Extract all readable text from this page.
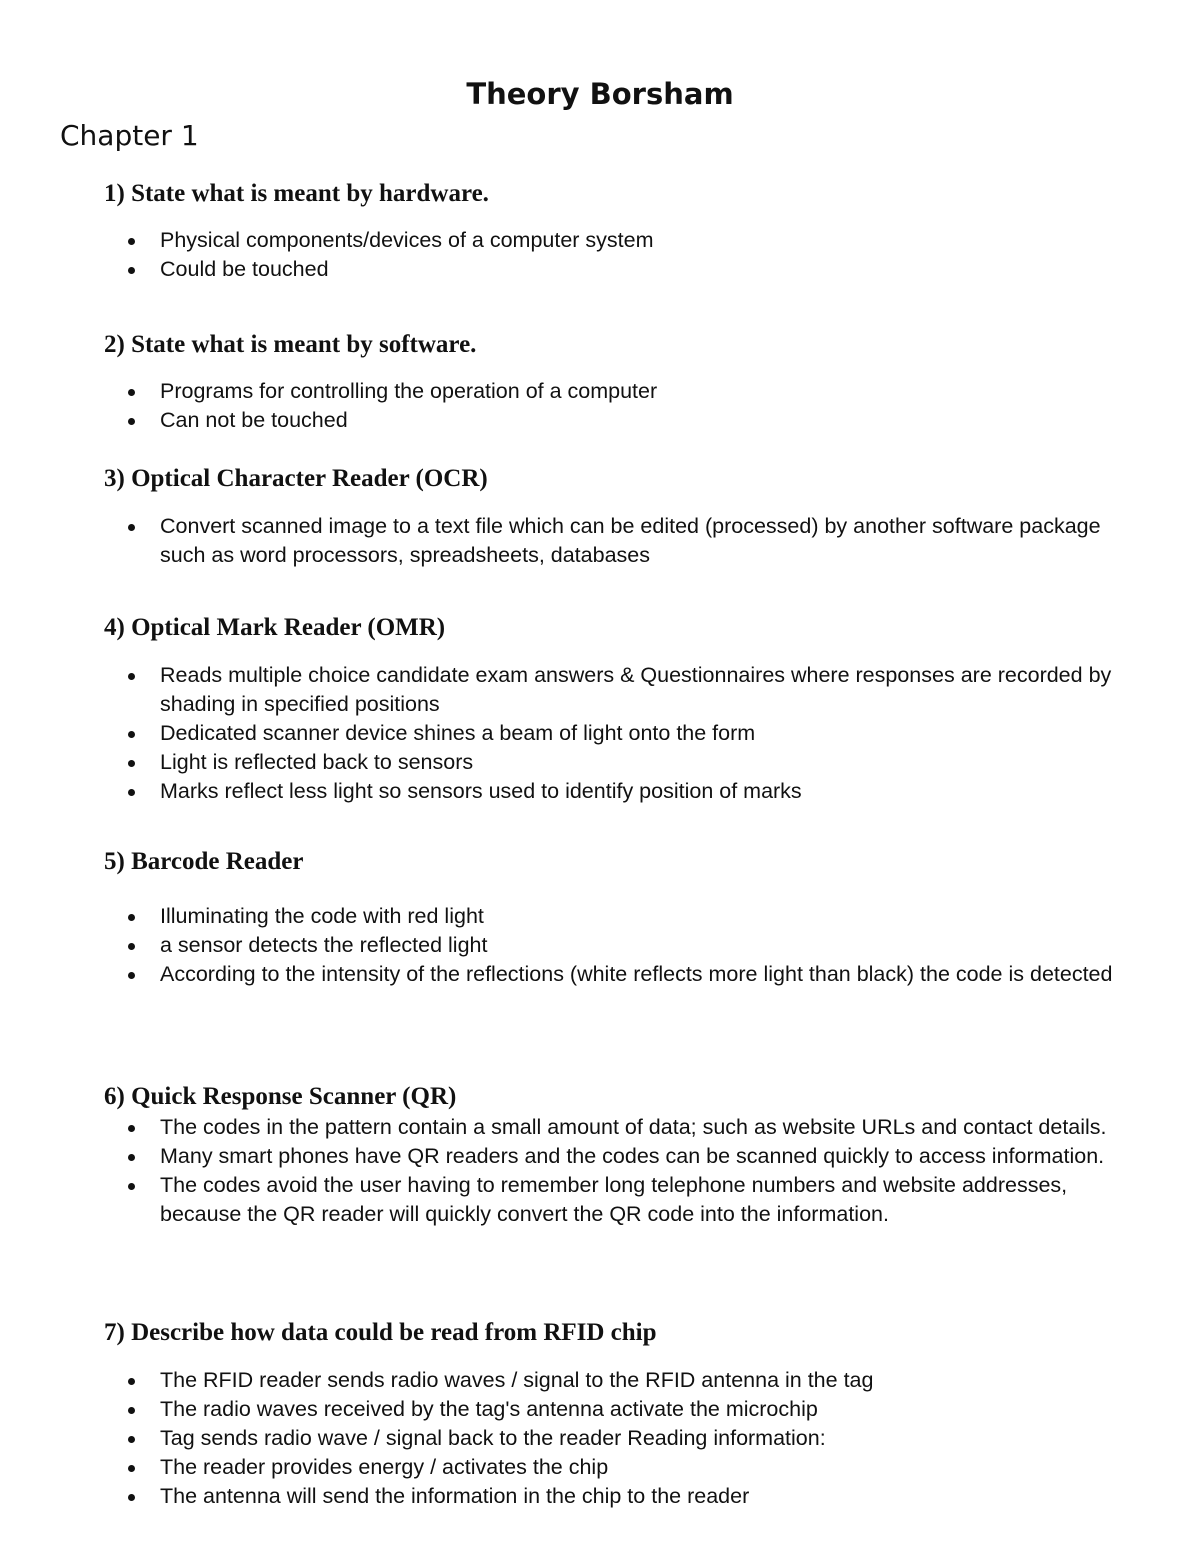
Theory Borsham
Chapter 1
1) State what is meant by hardware.
Physical components/devices of a computer system
Could be touched
2) State what is meant by software.
Programs for controlling the operation of a computer
Can not be touched
3) Optical Character Reader (OCR)
Convert scanned image to a text file which can be edited (processed) by another software package such as word processors, spreadsheets, databases
4) Optical Mark Reader (OMR)
Reads multiple choice candidate exam answers & Questionnaires where responses are recorded by shading in specified positions
Dedicated scanner device shines a beam of light onto the form
Light is reflected back to sensors
Marks reflect less light so sensors used to identify position of marks
5) Barcode Reader
Illuminating the code with red light
a sensor detects the reflected light
According to the intensity of the reflections (white reflects more light than black) the code is detected
6) Quick Response Scanner (QR)
The codes in the pattern contain a small amount of data; such as website URLs and contact details.
Many smart phones have QR readers and the codes can be scanned quickly to access information.
The codes avoid the user having to remember long telephone numbers and website addresses, because the QR reader will quickly convert the QR code into the information.
7) Describe how data could be read from RFID chip
The RFID reader sends radio waves / signal to the RFID antenna in the tag
The radio waves received by the tag's antenna activate the microchip
Tag sends radio wave / signal back to the reader Reading information:
The reader provides energy / activates the chip
The antenna will send the information in the chip to the reader
